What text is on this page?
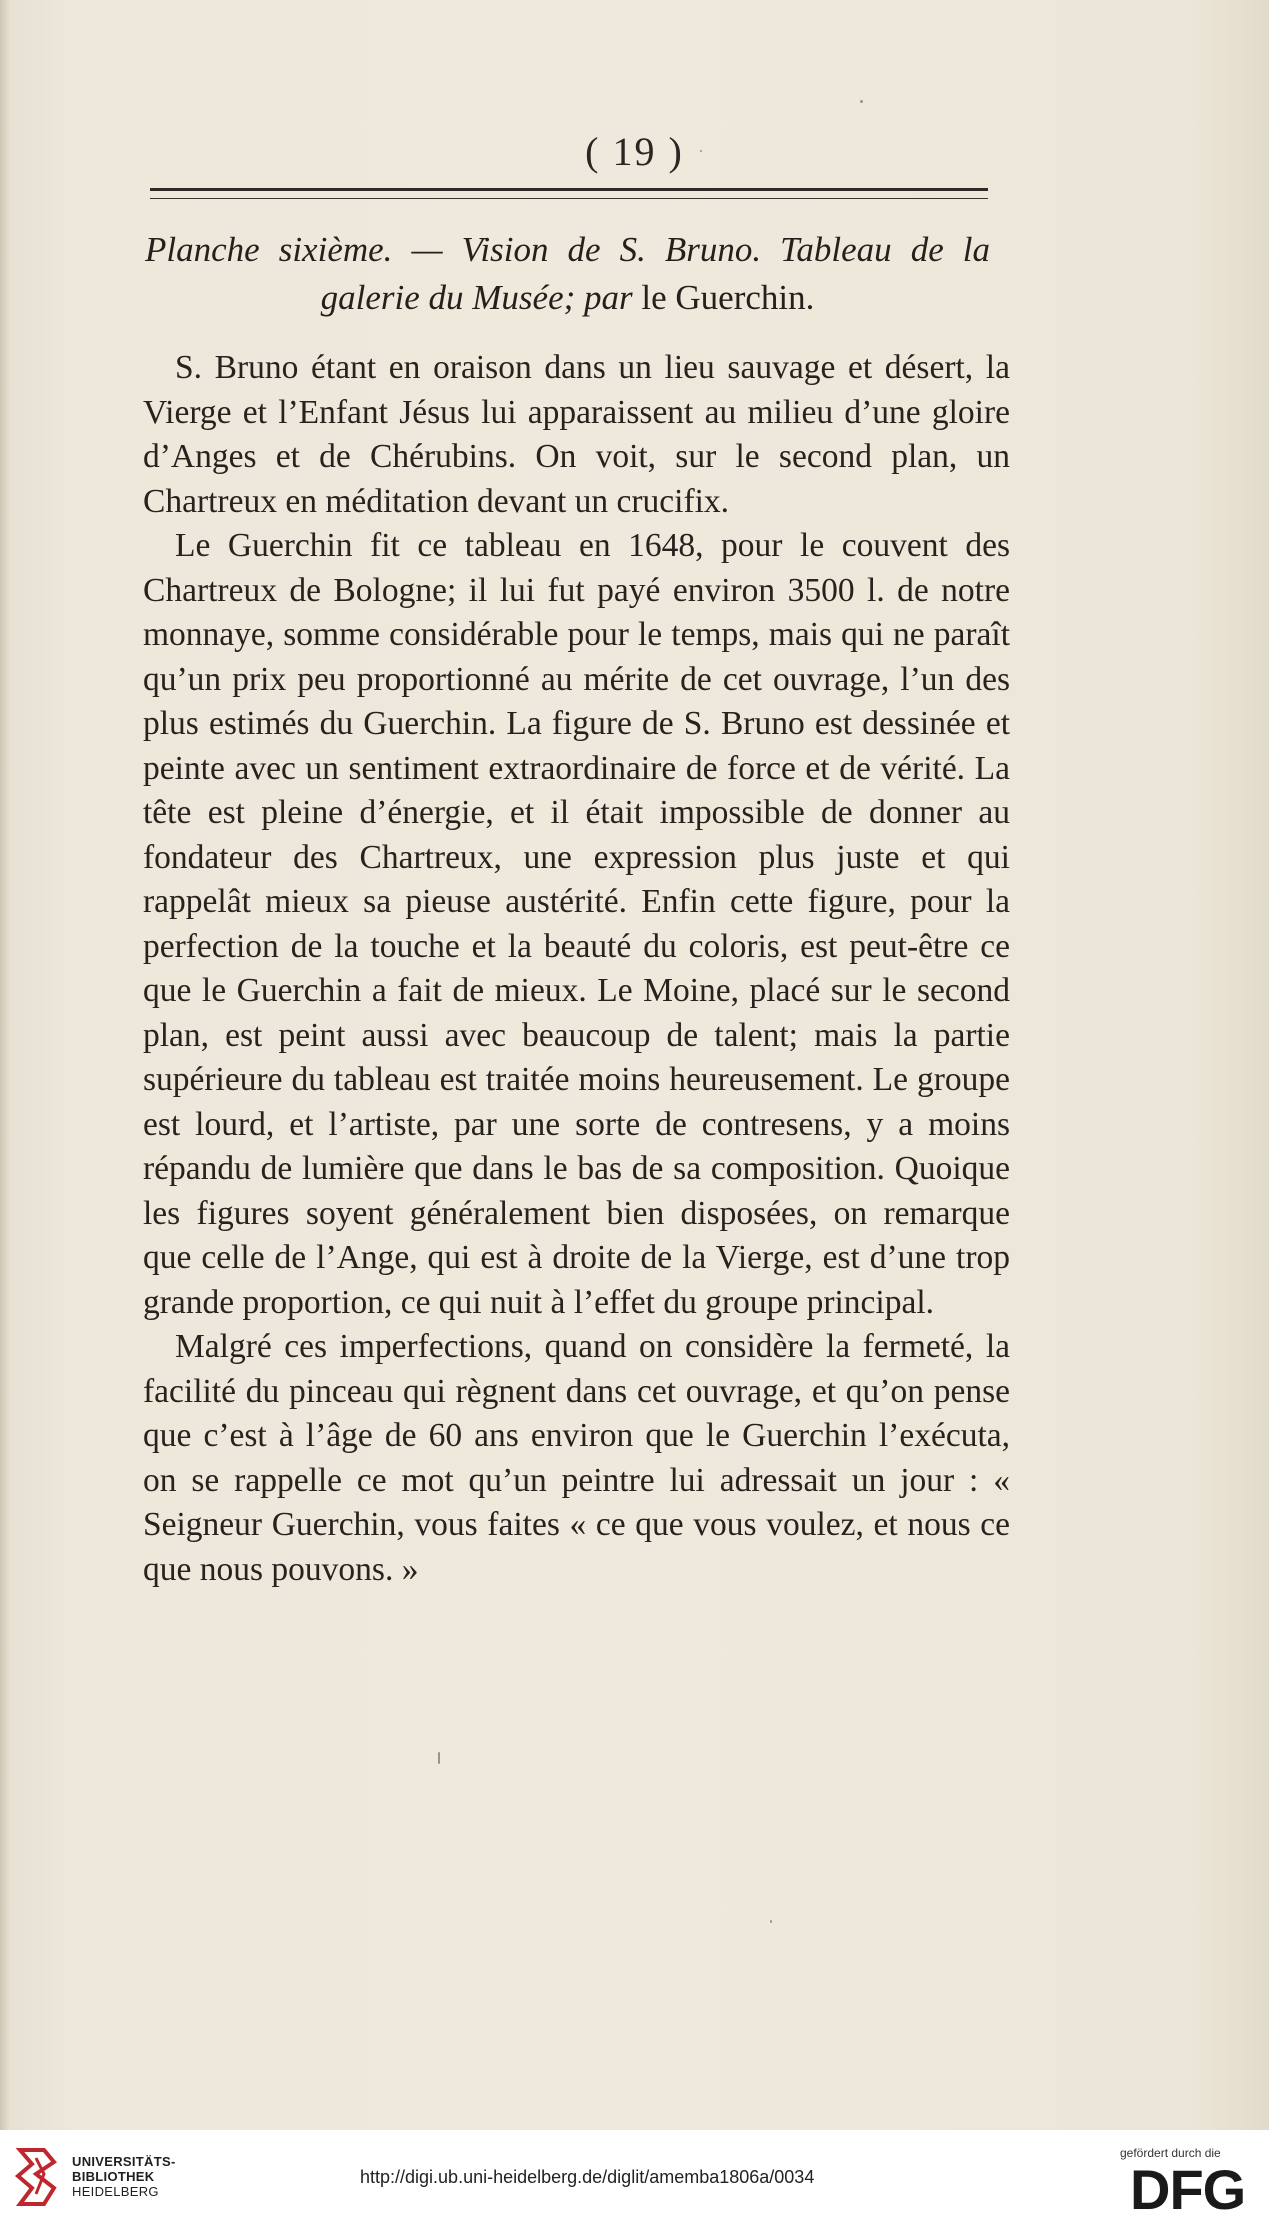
( 19 )
Planche sixième. — Vision de S. Bruno. Tableau de la
galerie du Musée; par le Guerchin.

S. Bruno étant en oraison dans un lieu sauvage et désert, la Vierge et l’Enfant Jésus lui apparaissent au milieu d’une gloire d’Anges et de Chérubins. On voit, sur le second plan, un Chartreux en méditation devant un crucifix.

Le Guerchin fit ce tableau en 1648, pour le couvent des Chartreux de Bologne; il lui fut payé environ 3500 l. de notre monnaye, somme considérable pour le temps, mais qui ne paraît qu’un prix peu proportionné au mérite de cet ouvrage, l’un des plus estimés du Guerchin. La figure de S. Bruno est dessinée et peinte avec un sentiment extraordinaire de force et de vérité. La tête est pleine d’énergie, et il était impossible de donner au fondateur des Chartreux, une expression plus juste et qui rappelât mieux sa pieuse austérité. Enfin cette figure, pour la perfection de la touche et la beauté du coloris, est peut-être ce que le Guerchin a fait de mieux. Le Moine, placé sur le second plan, est peint aussi avec beaucoup de talent; mais la partie supérieure du tableau est traitée moins heureusement. Le groupe est lourd, et l’artiste, par une sorte de contresens, y a moins répandu de lumière que dans le bas de sa composition. Quoique les figures soyent généralement bien disposées, on remarque que celle de l’Ange, qui est à droite de la Vierge, est d’une trop grande proportion, ce qui nuit à l’effet du groupe principal.

Malgré ces imperfections, quand on considère la fermeté, la facilité du pinceau qui règnent dans cet ouvrage, et qu’on pense que c’est à l’âge de 60 ans environ que le Guerchin l’exécuta, on se rappelle ce mot qu’un peintre lui adressait un jour : « Seigneur Guerchin, vous faites « ce que vous voulez, et nous ce que nous pouvons. »

UNIVERSITÄTS-
BIBLIOTHEK
HEIDELBERG
http://digi.ub.uni-heidelberg.de/diglit/amemba1806a/0034
gefördert durch die
DFG
